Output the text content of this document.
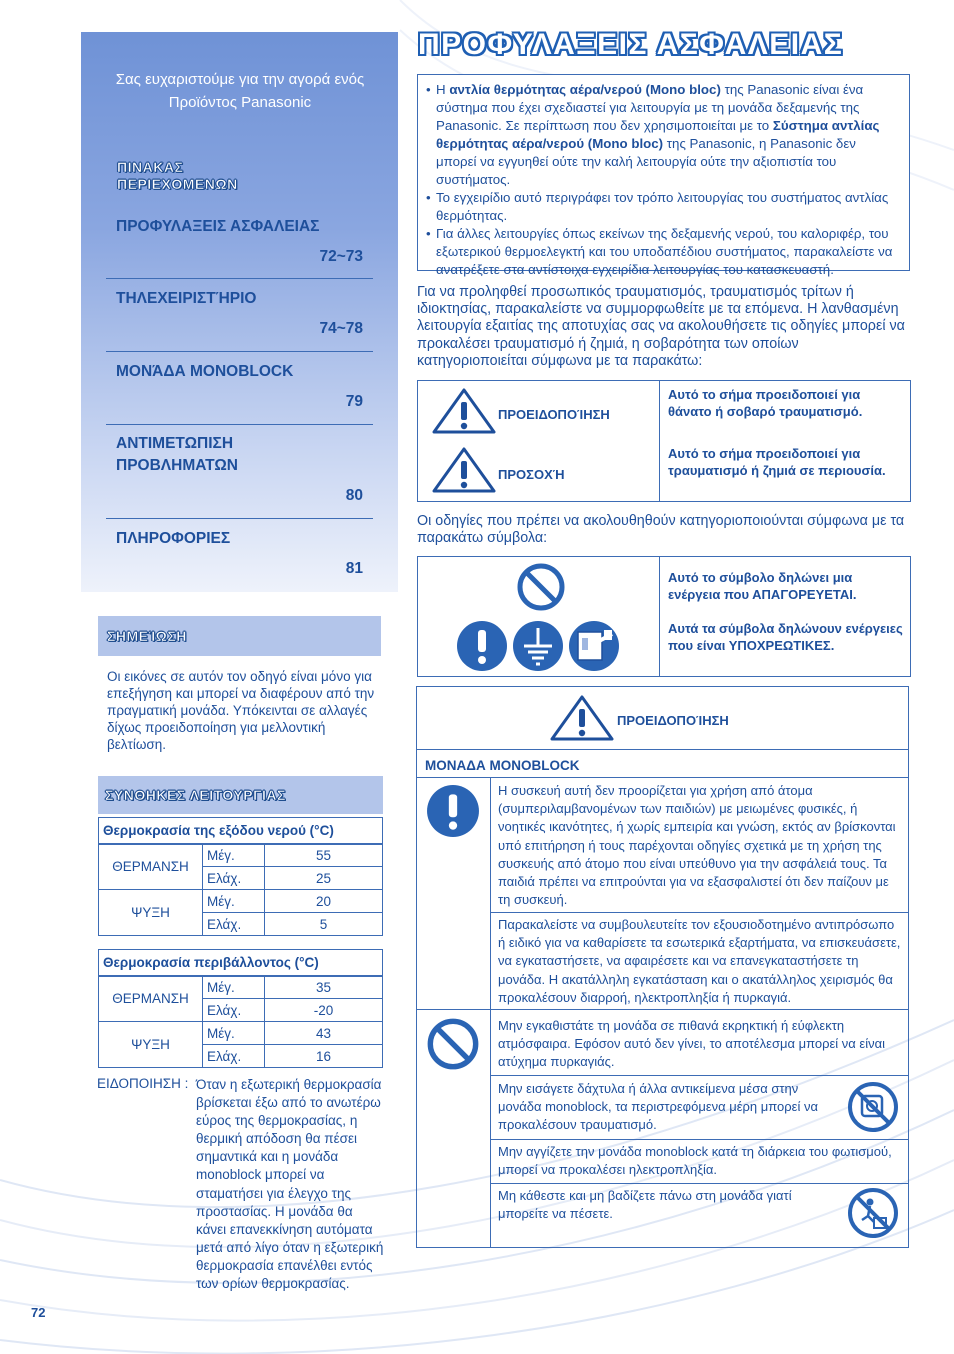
Σας ευχαριστούμε για την αγορά ενός Προϊόντος Panasonic
ΠΙΝΑΚΑΣ
ΠΕΡΙΕΧΟΜΕΝΩΝ
ΠΡΟΦΥΛΑΞΕΙΣ ΑΣΦΑΛΕΙΑΣ
72~73
ΤΗΛΕΧΕΙΡΙΣΤΉΡΙΟ
74~78
ΜΟΝΆΔΑ MONOBLOCK
79
ΑΝΤΙΜΕΤΩΠΙΣΗ ΠΡΟΒΛΗΜΑΤΩΝ
80
ΠΛΗΡΟΦΟΡΙΕΣ
81
ΣΗΜΕΊΩΣΗ
Οι εικόνες σε αυτόν τον οδηγό είναι μόνο για επεξήγηση και μπορεί να διαφέρουν από την πραγματική μονάδα. Υπόκεινται σε αλλαγές δίχως προειδοποίηση για μελλοντική βελτίωση.
ΣΥΝΘΗΚΕΣ ΛΕΙΤΟΥΡΓΙΑΣ
Θερμοκρασία της εξόδου νερού (°C)		
ΘΕΡΜΑΝΣΗ	Μέγ.	55
	Ελάχ.	25
ΨΥΞΗ	Μέγ.	20
	Ελάχ.	5
Θερμοκρασία περιβάλλοντος (°C)		
ΘΕΡΜΑΝΣΗ	Μέγ.	35
	Ελάχ.	-20
ΨΥΞΗ	Μέγ.	43
	Ελάχ.	16
ΕΙΔΟΠΟΙΗΣΗ : Όταν η εξωτερική θερμοκρασία βρίσκεται έξω από το ανωτέρω εύρος της θερμοκρασίας, η θερμική απόδοση θα πέσει σημαντικά και η μονάδα monoblock μπορεί να σταματήσει για έλεγχο της προστασίας. Η μονάδα θα κάνει επανεκκίνηση αυτόματα μετά από λίγο όταν η εξωτερική θερμοκρασία επανέλθει εντός των ορίων θερμοκρασίας.
72
ΠΡΟΦΥΛΑΞΕΙΣ ΑΣΦΑΛΕΙΑΣ
• Η αντλία θερμότητας αέρα/νερού (Mono bloc) της Panasonic είναι ένα σύστημα που έχει σχεδιαστεί για λειτουργία με τη μονάδα δεξαμενής της Panasonic. Σε περίπτωση που δεν χρησιμοποιείται με το Σύστημα αντλίας θερμότητας αέρα/νερού (Mono bloc) της Panasonic, η Panasonic δεν μπορεί να εγγυηθεί ούτε την καλή λειτουργία ούτε την αξιοπιστία του συστήματος.
• Το εγχειρίδιο αυτό περιγράφει τον τρόπο λειτουργίας του συστήματος αντλίας θερμότητας.
• Για άλλες λειτουργίες όπως εκείνων της δεξαμενής νερού, του καλοριφέρ, του εξωτερικού θερμοελεγκτή και του υποδαπέδιου συστήματος, παρακαλείστε να ανατρέξετε στα αντίστοιχα εγχειρίδια λειτουργίας του κατασκευαστή.
Για να προληφθεί προσωπικός τραυματισμός, τραυματισμός τρίτων ή ιδιοκτησίας, παρακαλείστε να συμμορφωθείτε με τα επόμενα. Η λανθασμένη λειτουργία εξαιτίας της αποτυχίας σας να ακολουθήσετε τις οδηγίες μπορεί να προκαλέσει τραυματισμό ή ζημιά, η σοβαρότητα των οποίων κατηγοριοποιείται σύμφωνα με τα παρακάτω:
ΠΡΟΕΙΔΟΠΟΊΗΣΗ
Αυτό το σήμα προειδοποιεί για θάνατο ή σοβαρό τραυματισμό.
ΠΡΟΣΟΧΉ
Αυτό το σήμα προειδοποιεί για τραυματισμό ή ζημιά σε περιουσία.
Οι οδηγίες που πρέπει να ακολουθηθούν κατηγοριοποιούνται σύμφωνα με τα παρακάτω σύμβολα:
Αυτό το σύμβολο δηλώνει μια ενέργεια που ΑΠΑΓΟΡΕΥΕΤΑΙ.
Αυτά τα σύμβολα δηλώνουν ενέργειες που είναι ΥΠΟΧΡΕΩΤΙΚΕΣ.
ΠΡΟΕΙΔΟΠΟΊΗΣΗ
ΜΟΝΑΔΑ MONOBLOCK
Η συσκευή αυτή δεν προορίζεται για χρήση από άτομα (συμπεριλαμβανομένων των παιδιών) με μειωμένες φυσικές, ή νοητικές ικανότητες, ή χωρίς εμπειρία και γνώση, εκτός αν βρίσκονται υπό επιτήρηση ή τους παρέχονται οδηγίες σχετικά με τη χρήση της συσκευής από άτομο που είναι υπεύθυνο για την ασφάλειά τους. Τα παιδιά πρέπει να επιτρούνται για να εξασφαλιστεί ότι δεν παίζουν με τη συσκευή.
Παρακαλείστε να συμβουλευτείτε τον εξουσιοδοτημένο αντιπρόσωπο ή ειδικό για να καθαρίσετε τα εσωτερικά εξαρτήματα, να επισκευάσετε, να εγκαταστήσετε, να αφαιρέσετε και να επανεγκαταστήσετε τη μονάδα. Η ακατάλληλη εγκατάσταση και ο ακατάλληλος χειρισμός θα προκαλέσουν διαρροή, ηλεκτροπληξία ή πυρκαγιά.
Μην εγκαθιστάτε τη μονάδα σε πιθανά εκρηκτική ή εύφλεκτη ατμόσφαιρα. Εφόσον αυτό δεν γίνει, το αποτέλεσμα μπορεί να είναι ατύχημα πυρκαγιάς.
Μην εισάγετε δάχτυλα ή άλλα αντικείμενα μέσα στην μονάδα monoblock, τα περιστρεφόμενα μέρη μπορεί να προκαλέσουν τραυματισμό.
Μην αγγίζετε την μονάδα monoblock κατά τη διάρκεια του φωτισμού, μπορεί να προκαλέσει ηλεκτροπληξία.
Μη κάθεστε και μη βαδίζετε πάνω στη μονάδα γιατί μπορείτε να πέσετε.
